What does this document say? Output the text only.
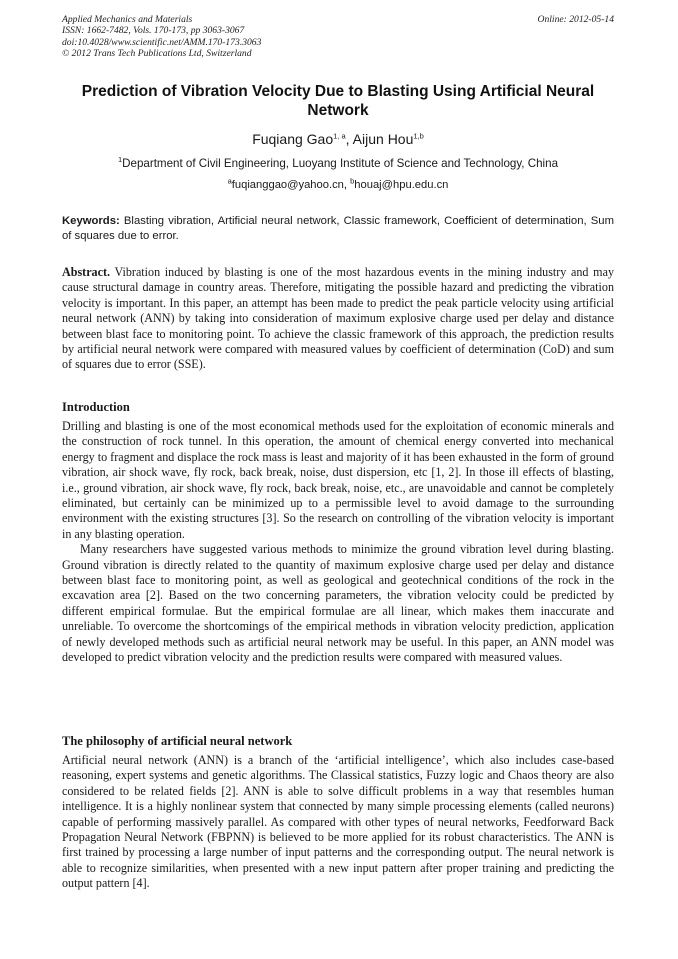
Applied Mechanics and Materials
ISSN: 1662-7482, Vols. 170-173, pp 3063-3067
doi:10.4028/www.scientific.net/AMM.170-173.3063
© 2012 Trans Tech Publications Ltd, Switzerland
Online: 2012-05-14
Prediction of Vibration Velocity Due to Blasting Using Artificial Neural Network
Fuqiang Gao$^{1, a}$, Aijun Hou$^{1,b}$
$^1$Department of Civil Engineering, Luoyang Institute of Science and Technology, China
$^a$fuqianggao@yahoo.cn, $^b$houaj@hpu.edu.cn
Keywords: Blasting vibration, Artificial neural network, Classic framework, Coefficient of determination, Sum of squares due to error.
Abstract. Vibration induced by blasting is one of the most hazardous events in the mining industry and may cause structural damage in country areas. Therefore, mitigating the possible hazard and predicting the vibration velocity is important. In this paper, an attempt has been made to predict the peak particle velocity using artificial neural network (ANN) by taking into consideration of maximum explosive charge used per delay and distance between blast face to monitoring point. To achieve the classic framework of this approach, the prediction results by artificial neural network were compared with measured values by coefficient of determination (CoD) and sum of squares due to error (SSE).
Introduction

Drilling and blasting is one of the most economical methods used for the exploitation of economic minerals and the construction of rock tunnel. In this operation, the amount of chemical energy converted into mechanical energy to fragment and displace the rock mass is least and majority of it has been exhausted in the form of ground vibration, air shock wave, fly rock, back break, noise, dust dispersion, etc [1, 2]. In those ill effects of blasting, i.e., ground vibration, air shock wave, fly rock, back break, noise, etc., are unavoidable and cannot be completely eliminated, but certainly can be minimized up to a permissible level to avoid damage to the surrounding environment with the existing structures [3]. So the research on controlling of the vibration velocity is important in any blasting operation.

Many researchers have suggested various methods to minimize the ground vibration level during blasting. Ground vibration is directly related to the quantity of maximum explosive charge used per delay and distance between blast face to monitoring point, as well as geological and geotechnical conditions of the rock in the excavation area [2]. Based on the two concerning parameters, the vibration velocity could be predicted by different empirical formulae. But the empirical formulae are all linear, which makes them inaccurate and unreliable. To overcome the shortcomings of the empirical methods in vibration velocity prediction, application of newly developed methods such as artificial neural network may be useful. In this paper, an ANN model was developed to predict vibration velocity and the prediction results were compared with measured values.

The philosophy of artificial neural network

Artificial neural network (ANN) is a branch of the ‘artificial intelligence’, which also includes case-based reasoning, expert systems and genetic algorithms. The Classical statistics, Fuzzy logic and Chaos theory are also considered to be related fields [2]. ANN is able to solve difficult problems in a way that resembles human intelligence. It is a highly nonlinear system that connected by many simple processing elements (called neurons) capable of performing massively parallel. As compared with other types of neural networks, Feedforward Back Propagation Neural Network (FBPNN) is believed to be more applied for its robust characteristics. The ANN is first trained by processing a large number of input patterns and the corresponding output. The neural network is able to recognize similarities, when presented with a new input pattern after proper training and predicting the output pattern [4].
